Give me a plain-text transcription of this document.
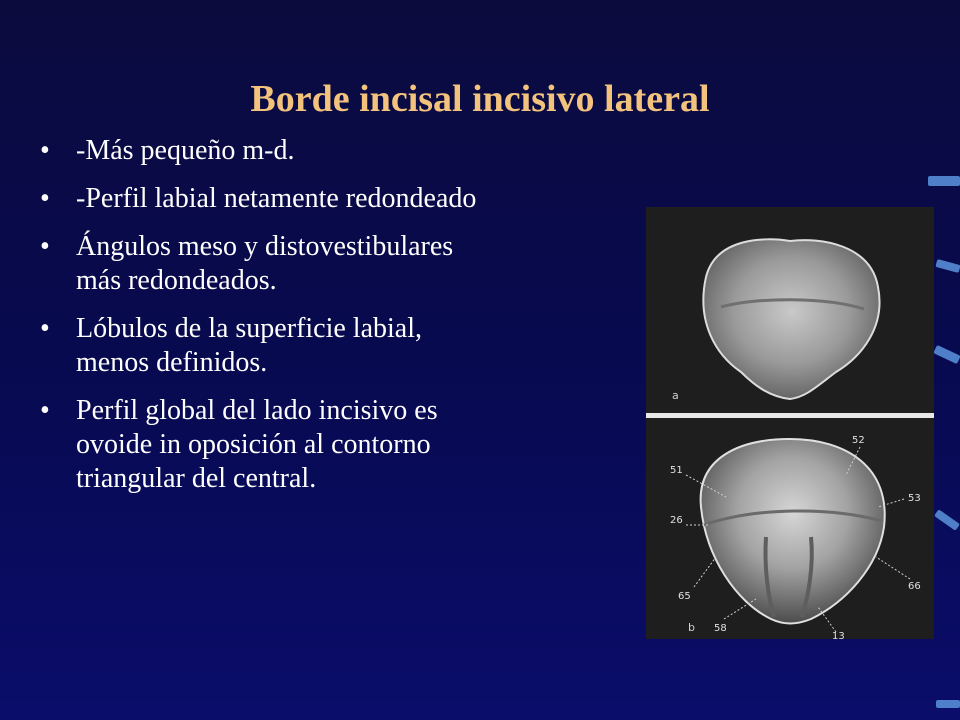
Borde incisal incisivo lateral
• -Más pequeño m-d.
• -Perfil labial netamente redondeado
• Ángulos meso y distovestibulares
más redondeados.
• Lóbulos de la superficie labial,
menos definidos.
• Perfil global del lado incisivo es
ovoide in oposición al contorno
triangular del central.
a
52
51
53
26
65
66
58
13
b
